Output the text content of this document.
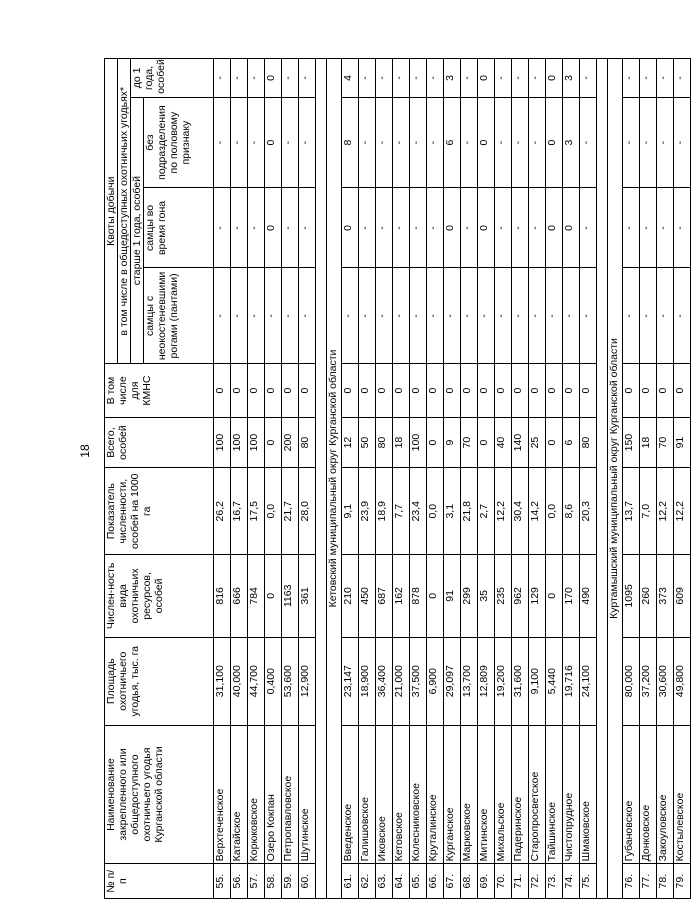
18
№ п/п	Наименование закрепленного или общедоступного охотничьего угодья Курганской области	Площадь охотничьего угодья, тыс. га	Числен-ность вида охотничьих ресурсов, особей	Показатель численности, особей на 1000 га	Всего, особей	В том числе для КМНС	Квоты добычи			
							в том числе в общедоступных охотничьих угодьях*			
							старше 1 года, особей			до 1 года, особей
							самцы с неокостеневшими рогами (пантами)	самцы во время гона	без подразделения по половому признаку	
55.	Верхтеченское	31,100	816	26,2	100	0	-	-	-	-
56.	Катайское	40,000	666	16,7	100	0	-	-	-	-
57.	Корюковское	44,700	784	17,5	100	0	-	-	-	-
58.	Озеро Кокпан	0,400	0	0,0	0	0	-	0	0	0
59.	Петропавловское	53,600	1163	21,7	200	0	-	-	-	-
60.	Шутинское	12,900	361	28,0	80	0	-	-	-	-

Кетовский муниципальный округ Курганской области										
61.	Введенское	23,147	210	9,1	12	0	-	0	8	4
62.	Галишовское	18,900	450	23,9	50	0	-	-	-	-
63.	Иковское	36,400	687	18,9	80	0	-	-	-	-
64.	Кетовское	21,000	162	7,7	18	0	-	-	-	-
65.	Колесниковское	37,500	878	23,4	100	0	-	-	-	-
66.	Круталинское	6,900	0	0,0	0	0	-	-	-	-
67.	Курганское	29,097	91	3,1	9	0	-	0	6	3
68.	Марковское	13,700	299	21,8	70	0	-	-	-	-
69.	Митинское	12,809	35	2,7	0	0	-	0	0	0
70.	Михальское	19,200	235	12,2	40	0	-	-	-	-
71.	Падеринское	31,600	962	30,4	140	0	-	-	-	-
72.	Старопросветское	9,100	129	14,2	25	0	-	-	-	-
73.	Тайшинское	5,440	0	0,0	0	0	-	0	0	0
74.	Чистопрудное	19,716	170	8,6	6	0	-	0	3	3
75.	Шмаковское	24,100	490	20,3	80	0	-	-	-	-

Куртамышский муниципальный округ Курганской области										
76.	Губановское	80,000	1095	13,7	150	0	-	-	-	-
77.	Донковское	37,200	260	7,0	18	0	-	-	-	-
78.	Закоуловское	30,600	373	12,2	70	0	-	-	-	-
79.	Костылевское	49,800	609	12,2	91	0	-	-	-	-
